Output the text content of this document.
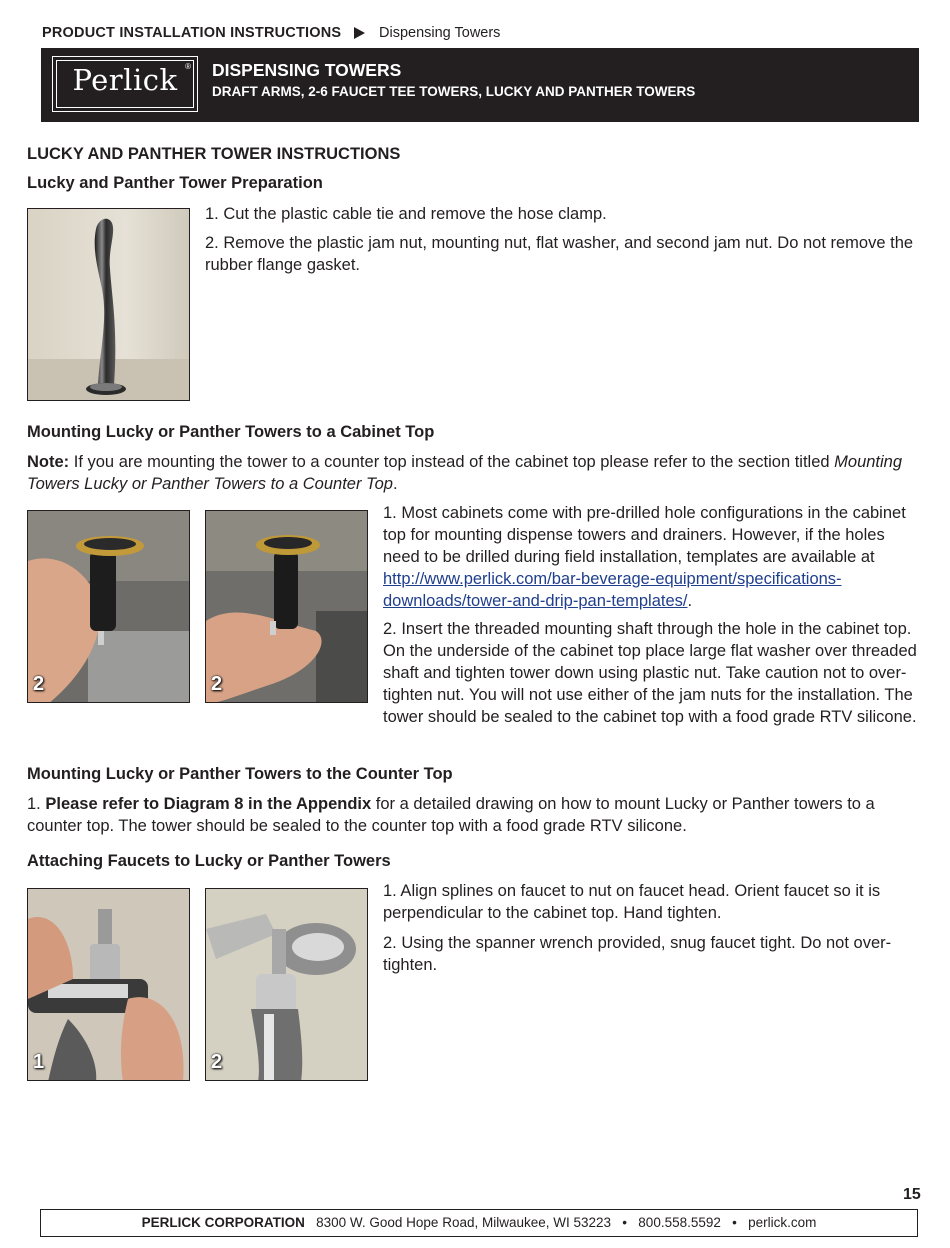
PRODUCT INSTALLATION INSTRUCTIONS	Dispensing Towers
Perlick ® DISPENSING TOWERS
DRAFT ARMS, 2-6 FAUCET TEE TOWERS, LUCKY AND PANTHER TOWERS
LUCKY AND PANTHER TOWER INSTRUCTIONS
Lucky and Panther Tower Preparation
1. Cut the plastic cable tie and remove the hose clamp.
2. Remove the plastic jam nut, mounting nut, flat washer, and second jam nut. Do not remove the rubber flange gasket.
Mounting Lucky or Panther Towers to a Cabinet Top
Note: If you are mounting the tower to a counter top instead of the cabinet top please refer to the section titled Mounting Towers Lucky or Panther Towers to a Counter Top.
2	2
1. Most cabinets come with pre-drilled hole configurations in the cabinet top for mounting dispense towers and drainers. However, if the holes need to be drilled during field installation, templates are available at http://www.perlick.com/bar-beverage-equipment/specifications-downloads/tower-and-drip-pan-templates/.
2. Insert the threaded mounting shaft through the hole in the cabinet top. On the underside of the cabinet top place large flat washer over threaded shaft and tighten tower down using plastic nut. Take caution not to over-tighten nut. You will not use either of the jam nuts for the installation. The tower should be sealed to the cabinet top with a food grade RTV silicone.
Mounting Lucky or Panther Towers to the Counter Top
1. Please refer to Diagram 8 in the Appendix for a detailed drawing on how to mount Lucky or Panther towers to a counter top. The tower should be sealed to the counter top with a food grade RTV silicone.
Attaching Faucets to Lucky or Panther Towers
1	2
1. Align splines on faucet to nut on faucet head. Orient faucet so it is perpendicular to the cabinet top. Hand tighten.
2. Using the spanner wrench provided, snug faucet tight. Do not over-tighten.
15
PERLICK CORPORATION 8300 W. Good Hope Road, Milwaukee, WI 53223 • 800.558.5592 • perlick.com
